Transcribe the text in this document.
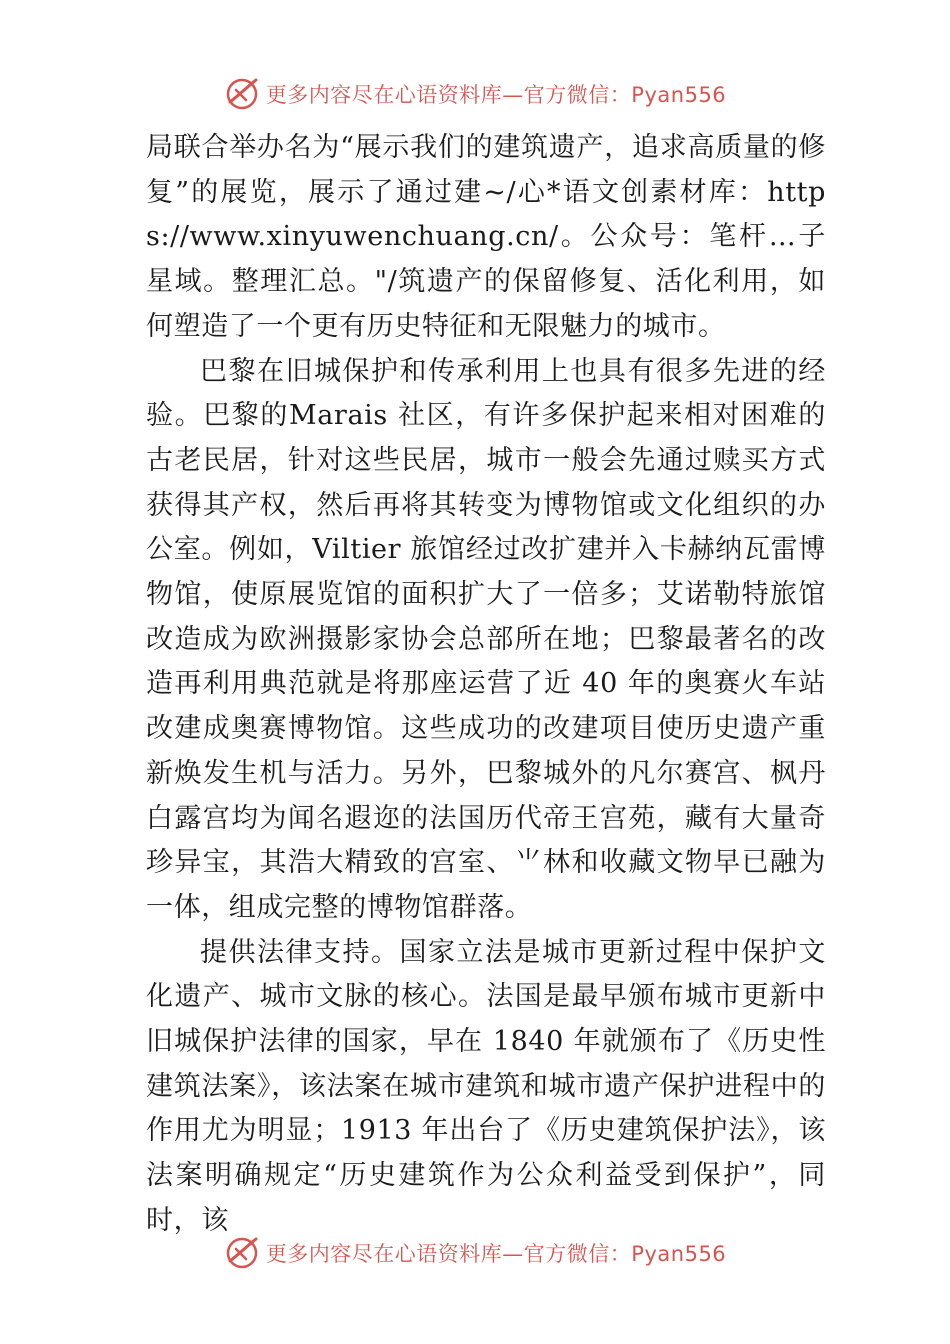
更多内容尽在心语资料库—官方微信：Pyan556

局联合举办名为“展示我们的建筑遗产，追求高质量的修复”的展览，展示了通过建~/心*语文创素材库：https://www.xinyuwenchuang.cn/。公众号：笔杆…子星域。整理汇总。"/筑遗产的保留修复、活化利用，如何塑造了一个更有历史特征和无限魅力的城市。

巴黎在旧城保护和传承利用上也具有很多先进的经验。巴黎的Marais 社区，有许多保护起来相对困难的古老民居，针对这些民居，城市一般会先通过赎买方式获得其产权，然后再将其转变为博物馆或文化组织的办公室。例如，Viltier 旅馆经过改扩建并入卡赫纳瓦雷博物馆，使原展览馆的面积扩大了一倍多；艾诺勒特旅馆改造成为欧洲摄影家协会总部所在地；巴黎最著名的改造再利用典范就是将那座运营了近 40 年的奥赛火车站改建成奥赛博物馆。这些成功的改建项目使历史遗产重新焕发生机与活力。另外，巴黎城外的凡尔赛宫、枫丹白露宫均为闻名遐迩的法国历代帝王宫苑，藏有大量奇珍异宝，其浩大精致的宫室、⺌林和收藏文物早已融为一体，组成完整的博物馆群落。

提供法律支持。国家立法是城市更新过程中保护文化遗产、城市文脉的核心。法国是最早颁布城市更新中旧城保护法律的国家，早在 1840 年就颁布了《历史性建筑法案》，该法案在城市建筑和城市遗产保护进程中的作用尤为明显；1913 年出台了《历史建筑保护法》，该法案明确规定“历史建筑作为公众利益受到保护”，同时，该

更多内容尽在心语资料库—官方微信：Pyan556
